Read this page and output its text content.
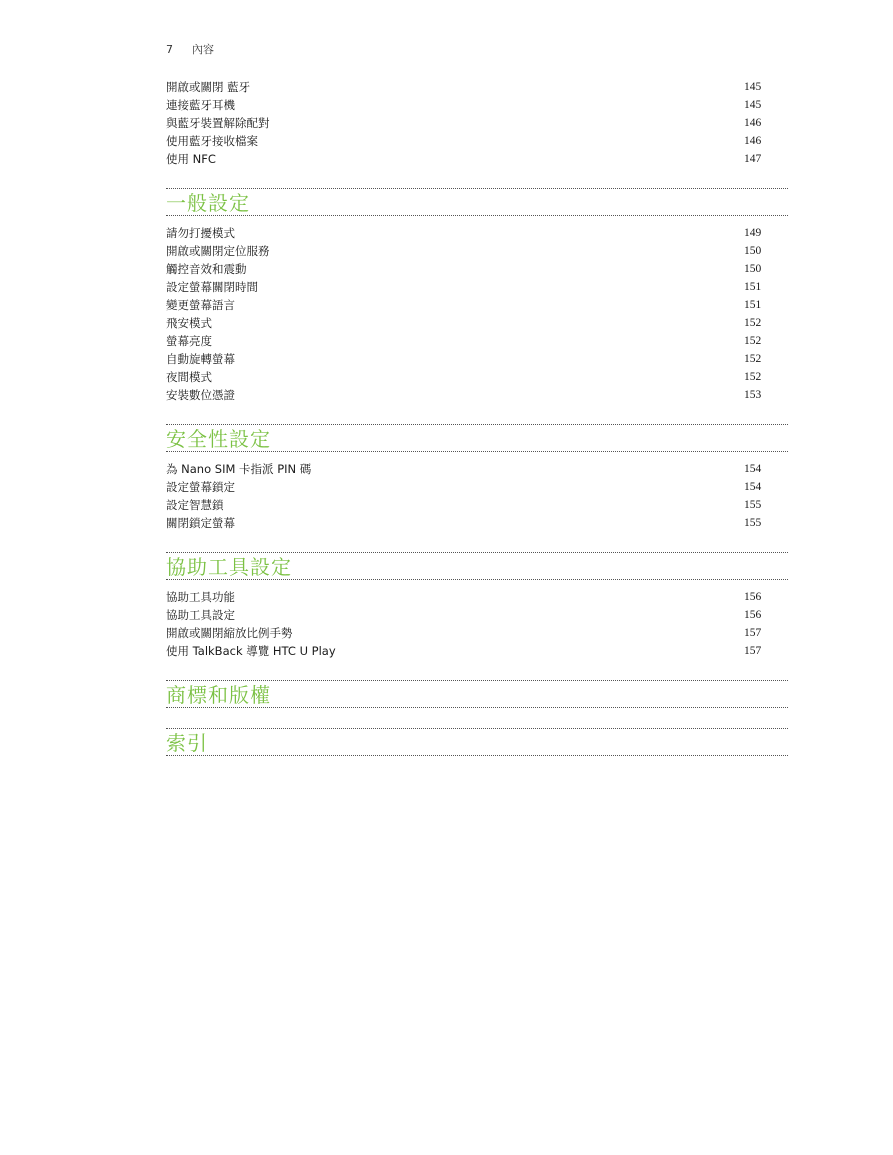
7 內容
開啟或關閉 藍牙	145
連接藍牙耳機	145
與藍牙裝置解除配對	146
使用藍牙接收檔案	146
使用 NFC	147
一般設定
請勿打擾模式	149
開啟或關閉定位服務	150
觸控音效和震動	150
設定螢幕關閉時間	151
變更螢幕語言	151
飛安模式	152
螢幕亮度	152
自動旋轉螢幕	152
夜間模式	152
安裝數位憑證	153
安全性設定
為 Nano SIM 卡指派 PIN 碼	154
設定螢幕鎖定	154
設定智慧鎖	155
關閉鎖定螢幕	155
協助工具設定
協助工具功能	156
協助工具設定	156
開啟或關閉縮放比例手勢	157
使用 TalkBack 導覽 HTC U Play	157
商標和版權
索引
